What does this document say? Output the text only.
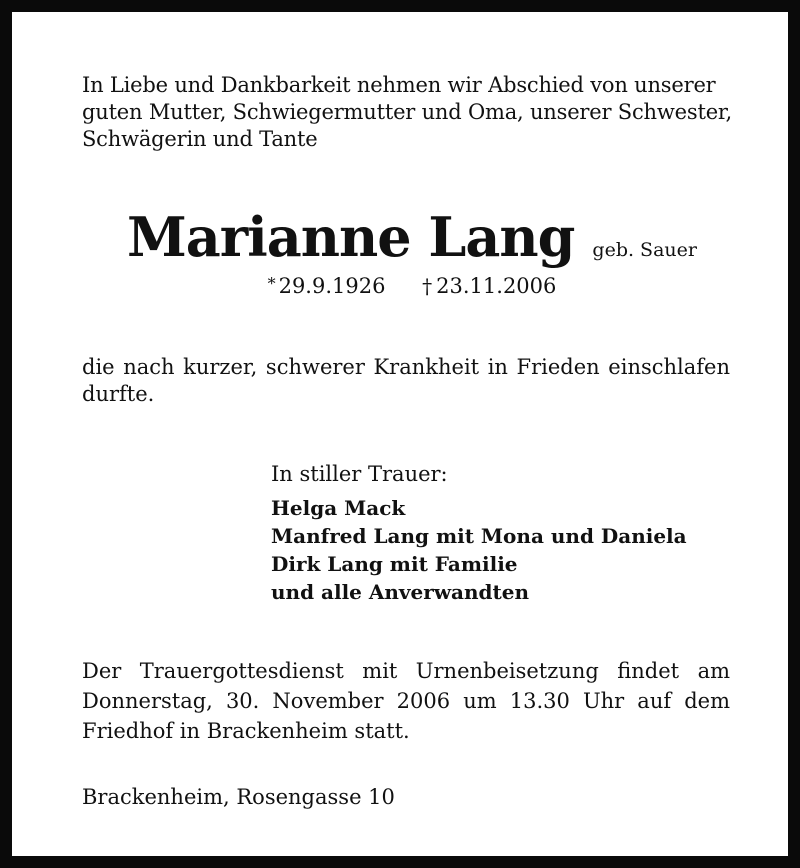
In Liebe und Dankbarkeit nehmen wir Abschied von unserer
guten Mutter, Schwiegermutter und Oma, unserer Schwester,
Schwägerin und Tante
Marianne Lang geb. Sauer
* 29.9.1926 † 23.11.2006
die nach kurzer, schwerer Krankheit in Frieden einschlafen
durfte.
In stiller Trauer:
Helga Mack
Manfred Lang mit Mona und Daniela
Dirk Lang mit Familie
und alle Anverwandten
Der Trauergottesdienst mit Urnenbeisetzung findet am
Donnerstag, 30. November 2006 um 13.30 Uhr auf dem
Friedhof in Brackenheim statt.
Brackenheim, Rosengasse 10
